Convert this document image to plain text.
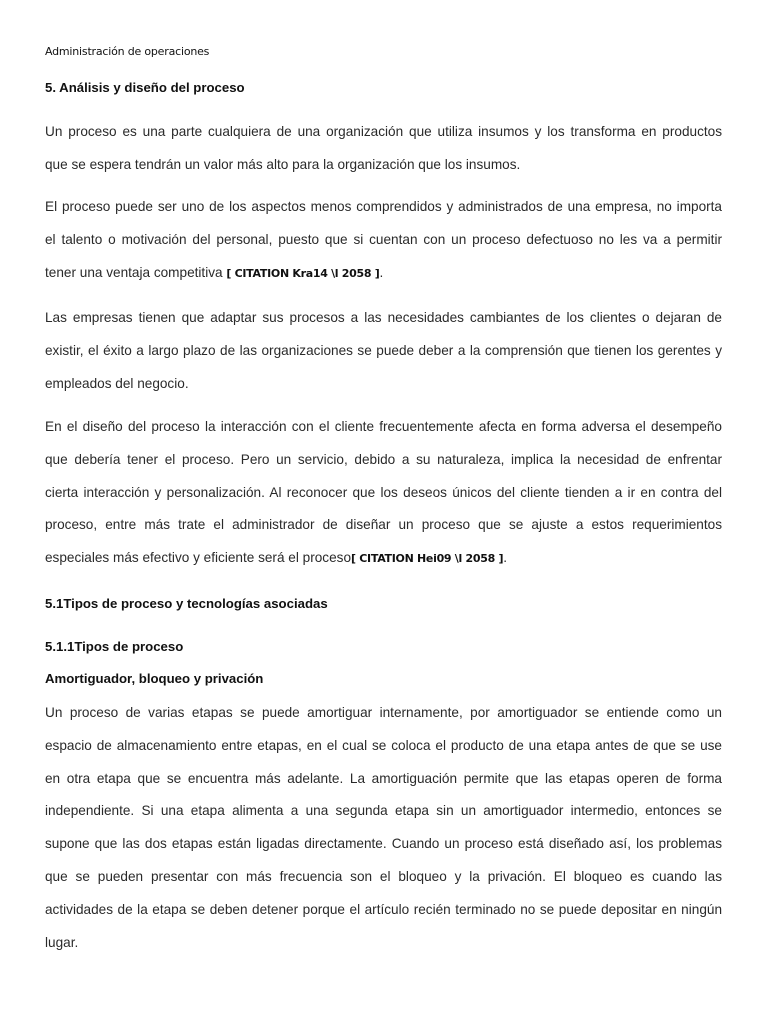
Administración de operaciones
5. Análisis y diseño del proceso

Un proceso es una parte cualquiera de una organización que utiliza insumos y los transforma en productos
que se espera tendrán un valor más alto para la organización que los insumos.

El proceso puede ser uno de los aspectos menos comprendidos y administrados de una empresa, no importa
el talento o motivación del personal, puesto que si cuentan con un proceso defectuoso no les va a permitir
tener una ventaja competitiva [ CITATION Kra14 \l 2058 ].

Las empresas tienen que adaptar sus procesos a las necesidades cambiantes de los clientes o dejaran de
existir, el éxito a largo plazo de las organizaciones se puede deber a la comprensión que tienen los gerentes y
empleados del negocio.

En el diseño del proceso la interacción con el cliente frecuentemente afecta en forma adversa el desempeño
que debería tener el proceso. Pero un servicio, debido a su naturaleza, implica la necesidad de enfrentar
cierta interacción y personalización. Al reconocer que los deseos únicos del cliente tienden a ir en contra del
proceso, entre más trate el administrador de diseñar un proceso que se ajuste a estos requerimientos
especiales más efectivo y eficiente será el proceso[ CITATION Hei09 \l 2058 ].

5.1Tipos de proceso y tecnologías asociadas
5.1.1Tipos de proceso
Amortiguador, bloqueo y privación

Un proceso de varias etapas se puede amortiguar internamente, por amortiguador se entiende como un
espacio de almacenamiento entre etapas, en el cual se coloca el producto de una etapa antes de que se use
en otra etapa que se encuentra más adelante. La amortiguación permite que las etapas operen de forma
independiente. Si una etapa alimenta a una segunda etapa sin un amortiguador intermedio, entonces se
supone que las dos etapas están ligadas directamente. Cuando un proceso está diseñado así, los problemas
que se pueden presentar con más frecuencia son el bloqueo y la privación. El bloqueo es cuando las
actividades de la etapa se deben detener porque el artículo recién terminado no se puede depositar en ningún
lugar.
